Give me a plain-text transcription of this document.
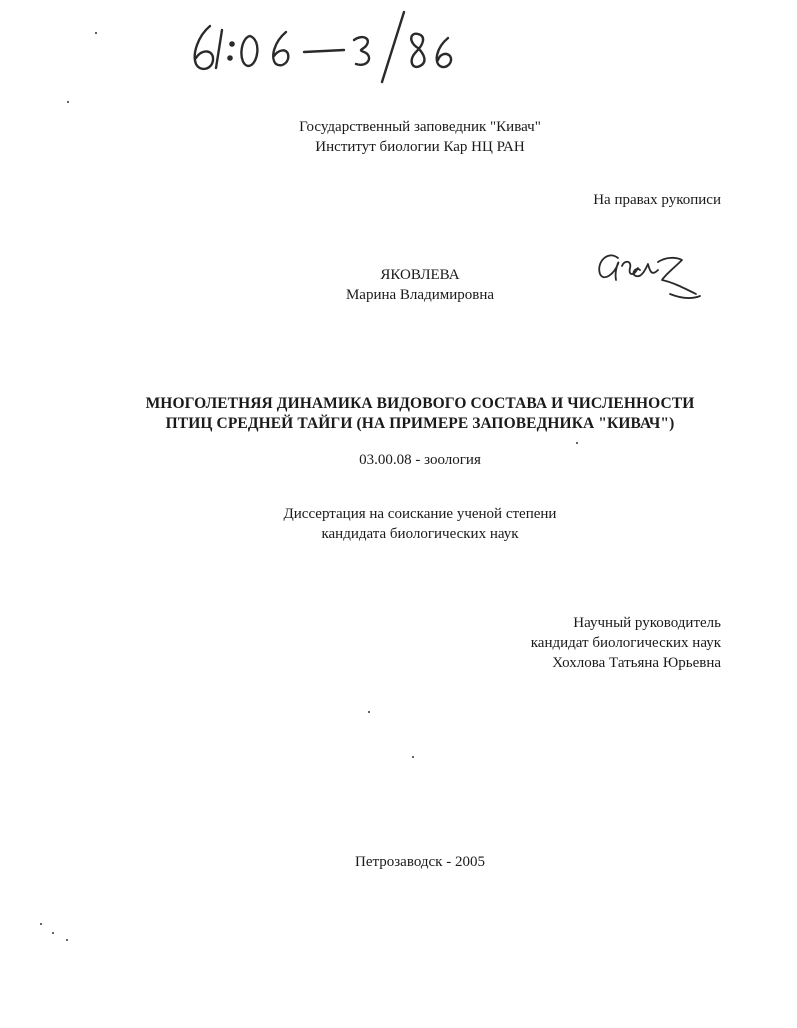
Государственный заповедник "Кивач"
Институт биологии Кар НЦ РАН
На правах рукописи
ЯКОВЛЕВА
Марина Владимировна
МНОГОЛЕТНЯЯ ДИНАМИКА ВИДОВОГО СОСТАВА И ЧИСЛЕННОСТИ
ПТИЦ СРЕДНЕЙ ТАЙГИ (НА ПРИМЕРЕ ЗАПОВЕДНИКА "КИВАЧ")
03.00.08 - зоология
Диссертация на соискание ученой степени
кандидата биологических наук
Научный руководитель
кандидат биологических наук
Хохлова Татьяна Юрьевна
Петрозаводск - 2005
